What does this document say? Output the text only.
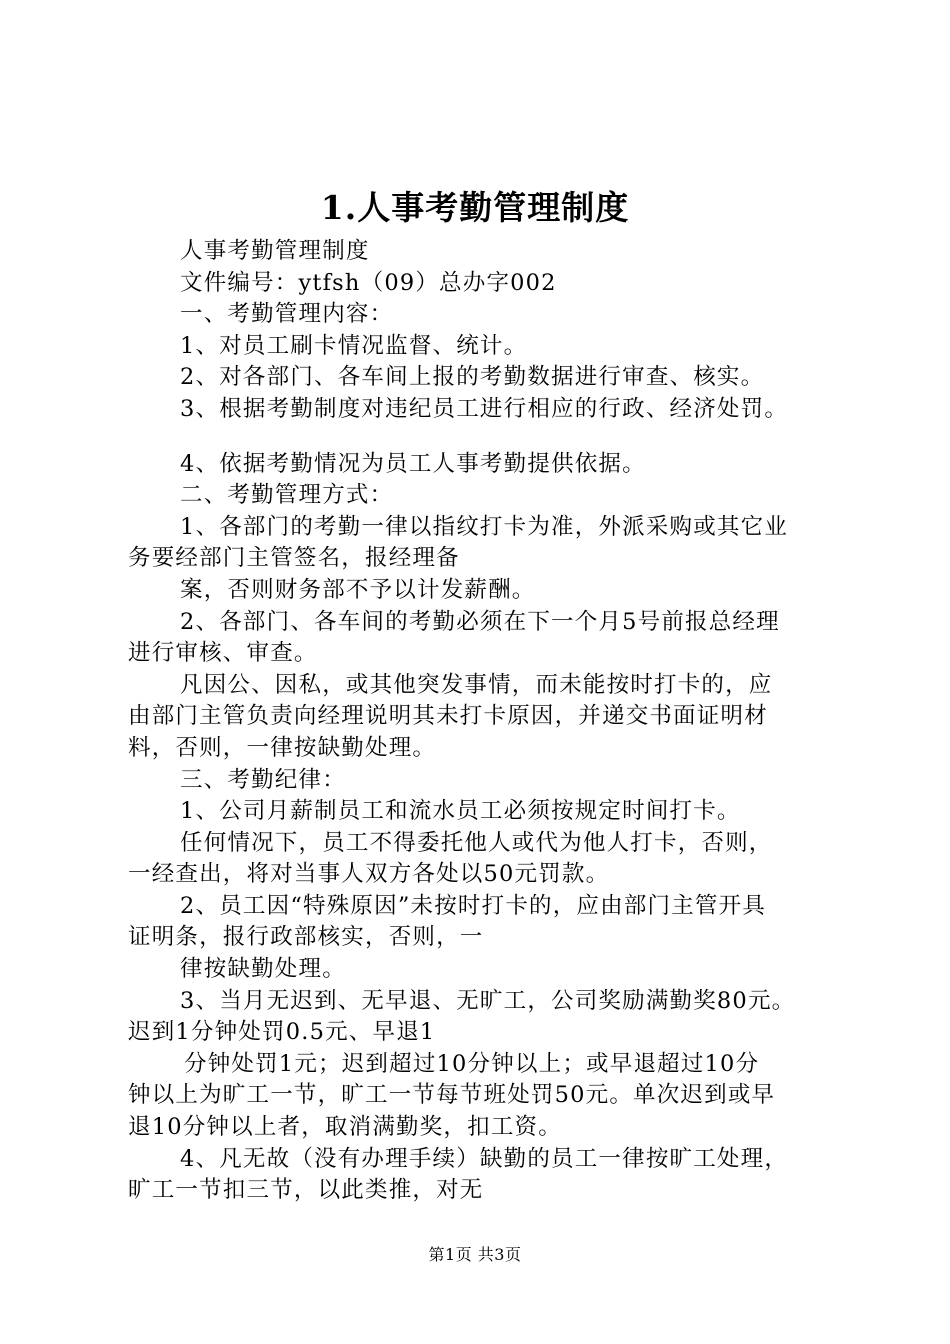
1.人事考勤管理制度
人事考勤管理制度
文件编号：ytfsh（09）总办字002
一、考勤管理内容：
1、对员工刷卡情况监督、统计。
2、对各部门、各车间上报的考勤数据进行审查、核实。
3、根据考勤制度对违纪员工进行相应的行政、经济处罚。
4、依据考勤情况为员工人事考勤提供依据。
二、考勤管理方式：
1、各部门的考勤一律以指纹打卡为准，外派采购或其它业
务要经部门主管签名，报经理备
案，否则财务部不予以计发薪酬。
2、各部门、各车间的考勤必须在下一个月5号前报总经理
进行审核、审查。
凡因公、因私，或其他突发事情，而未能按时打卡的，应
由部门主管负责向经理说明其未打卡原因，并递交书面证明材
料，否则，一律按缺勤处理。
三、考勤纪律：
1、公司月薪制员工和流水员工必须按规定时间打卡。
任何情况下，员工不得委托他人或代为他人打卡，否则，
一经查出，将对当事人双方各处以50元罚款。
2、员工因“特殊原因”未按时打卡的，应由部门主管开具
证明条，报行政部核实，否则，一
律按缺勤处理。
3、当月无迟到、无早退、无旷工，公司奖励满勤奖80元。
迟到1分钟处罚0.5元、早退1
分钟处罚1元；迟到超过10分钟以上；或早退超过10分
钟以上为旷工一节，旷工一节每节班处罚50元。单次迟到或早
退10分钟以上者，取消满勤奖，扣工资。
4、凡无故（没有办理手续）缺勤的员工一律按旷工处理，
旷工一节扣三节，以此类推，对无
第1页 共3页
